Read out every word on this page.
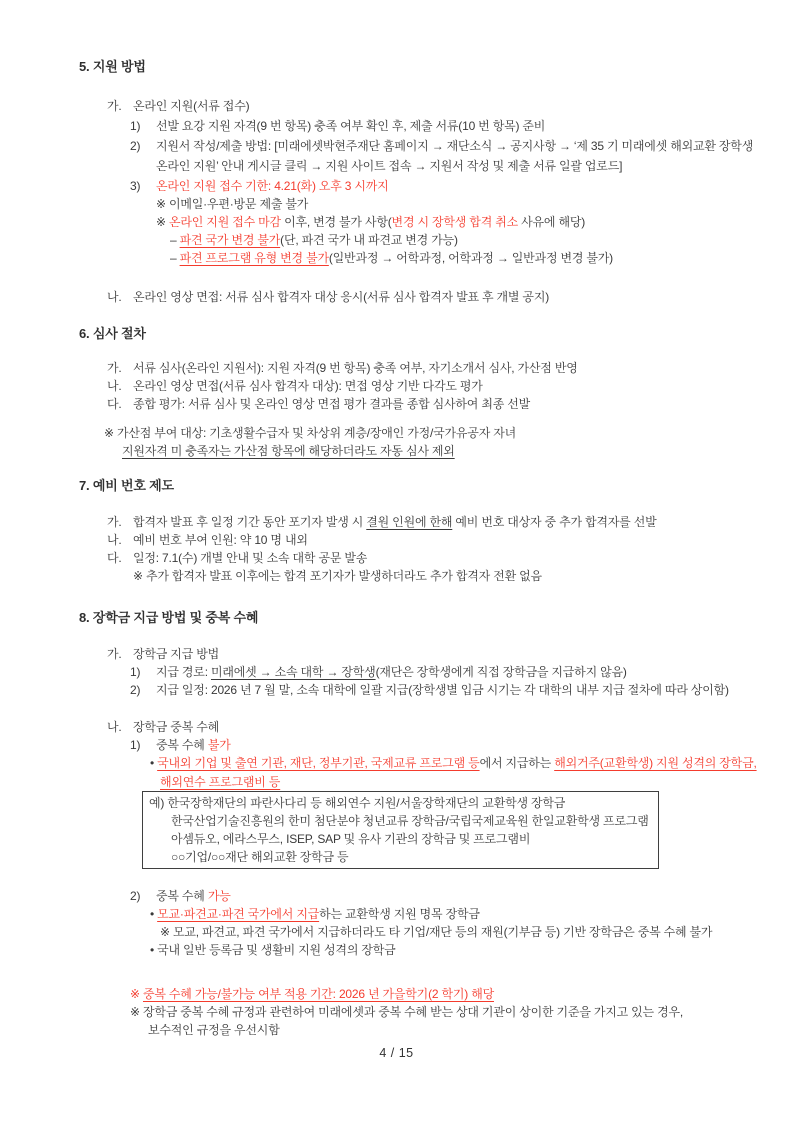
5. 지원 방법
가. 온라인 지원(서류 접수)
1) 선발 요강 지원 자격(9 번 항목) 충족 여부 확인 후, 제출 서류(10 번 항목) 준비
2) 지원서 작성/제출 방법: [미래에셋박현주재단 홈페이지 → 재단소식 → 공지사항 → ‘제 35 기 미래에셋 해외교환 장학생
온라인 지원’ 안내 게시글 클릭 → 지원 사이트 접속 → 지원서 작성 및 제출 서류 일괄 업로드]
3) 온라인 지원 접수 기한: 4.21(화) 오후 3 시까지
※ 이메일·우편·방문 제출 불가
※ 온라인 지원 접수 마감 이후, 변경 불가 사항(변경 시 장학생 합격 취소 사유에 해당)
– 파견 국가 변경 불가(단, 파견 국가 내 파견교 변경 가능)
– 파견 프로그램 유형 변경 불가(일반과정 → 어학과정, 어학과정 → 일반과정 변경 불가)
나. 온라인 영상 면접: 서류 심사 합격자 대상 응시(서류 심사 합격자 발표 후 개별 공지)
6. 심사 절차
가. 서류 심사(온라인 지원서): 지원 자격(9 번 항목) 충족 여부, 자기소개서 심사, 가산점 반영
나. 온라인 영상 면접(서류 심사 합격자 대상): 면접 영상 기반 다각도 평가
다. 종합 평가: 서류 심사 및 온라인 영상 면접 평가 결과를 종합 심사하여 최종 선발
※ 가산점 부여 대상: 기초생활수급자 및 차상위 계층/장애인 가정/국가유공자 자녀
지원자격 미 충족자는 가산점 항목에 해당하더라도 자동 심사 제외
7. 예비 번호 제도
가. 합격자 발표 후 일정 기간 동안 포기자 발생 시 결원 인원에 한해 예비 번호 대상자 중 추가 합격자를 선발
나. 예비 번호 부여 인원: 약 10 명 내외
다. 일정: 7.1(수) 개별 안내 및 소속 대학 공문 발송
※ 추가 합격자 발표 이후에는 합격 포기자가 발생하더라도 추가 합격자 전환 없음
8. 장학금 지급 방법 및 중복 수혜
가. 장학금 지급 방법
1) 지급 경로: 미래에셋 → 소속 대학 → 장학생(재단은 장학생에게 직접 장학금을 지급하지 않음)
2) 지급 일정: 2026 년 7 월 말, 소속 대학에 일괄 지급(장학생별 입금 시기는 각 대학의 내부 지급 절차에 따라 상이함)
나. 장학금 중복 수혜
1) 중복 수혜 불가
• 국내외 기업 및 출연 기관, 재단, 정부기관, 국제교류 프로그램 등에서 지급하는 해외거주(교환학생) 지원 성격의 장학금,
해외연수 프로그램비 등
예) 한국장학재단의 파란사다리 등 해외연수 지원/서울장학재단의 교환학생 장학금
한국산업기술진흥원의 한미 첨단분야 청년교류 장학금/국립국제교육원 한일교환학생 프로그램
아셈듀오, 에라스무스, ISEP, SAP 및 유사 기관의 장학금 및 프로그램비
○○기업/○○재단 해외교환 장학금 등
2) 중복 수혜 가능
• 모교·파견교·파견 국가에서 지급하는 교환학생 지원 명목 장학금
※ 모교, 파견교, 파견 국가에서 지급하더라도 타 기업/재단 등의 재원(기부금 등) 기반 장학금은 중복 수혜 불가
• 국내 일반 등록금 및 생활비 지원 성격의 장학금
※ 중복 수혜 가능/불가능 여부 적용 기간: 2026 년 가을학기(2 학기) 해당
※ 장학금 중복 수혜 규정과 관련하여 미래에셋과 중복 수혜 받는 상대 기관이 상이한 기준을 가지고 있는 경우,
보수적인 규정을 우선시함
4 / 15
